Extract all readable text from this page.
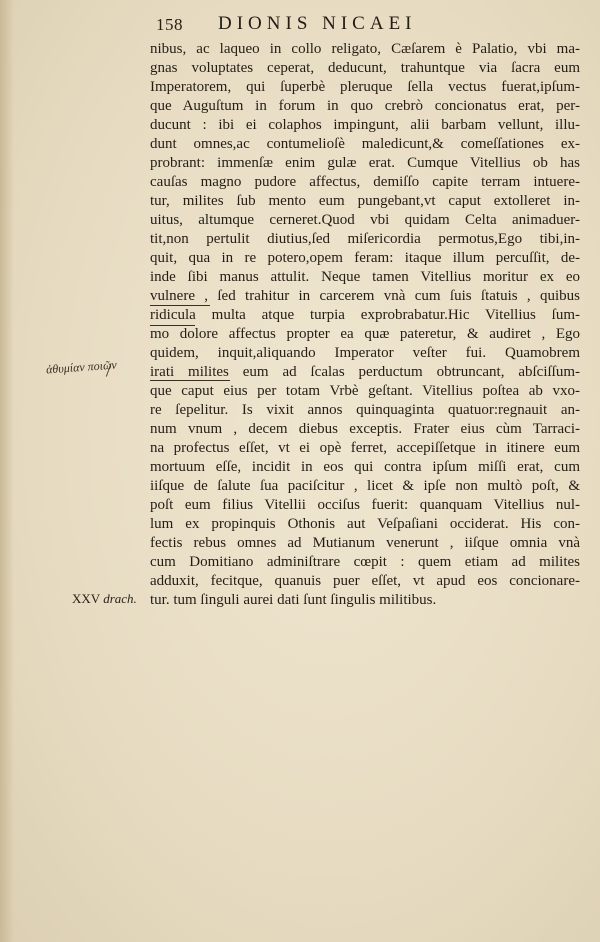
158 DIONIS NICAEI
nibus, ac laqueo in collo religato, Cæſarem è Palatio, vbi ma-
gnas voluptates ceperat, deducunt, trahuntque via ſacra eum
Imperatorem, qui ſuperbè pleruque ſella vectus fuerat,ipſum-
que Auguſtum in forum in quo crebrò concionatus erat, per-
ducunt : ibi ei colaphos impingunt, alii barbam vellunt, illu-
dunt omnes,ac contumelioſè maledicunt,& comeſſationes ex-
probrant: immenſæ enim gulæ erat. Cumque Vitellius ob has
cauſas magno pudore affectus, demiſſo capite terram intuere-
tur, milites ſub mento eum pungebant,vt caput extolleret in-
uitus, altumque cerneret.Quod vbi quidam Celta animaduer-
tit,non pertulit diutius,ſed miſericordia permotus,Ego tibi,in-
quit, qua in re potero,opem feram: itaque illum percuſſit, de-
inde ſibi manus attulit. Neque tamen Vitellius moritur ex eo
vulnere , ſed trahitur in carcerem vnà cum ſuis ſtatuis , quibus
ridicula multa atque turpia exprobrabatur.Hic Vitellius ſum-
mo dolore affectus propter ea quæ pateretur, & audiret , Ego
quidem, inquit,aliquando Imperator veſter fui. Quamobrem
irati milites eum ad ſcalas perductum obtruncant, abſciſſum-
que caput eius per totam Vrbè geſtant. Vitellius poſtea ab vxo-
re ſepelitur. Is vixit annos quinquaginta quatuor:regnauit an-
num vnum , decem diebus exceptis. Frater eius cùm Tarraci-
na profectus eſſet, vt ei opè ferret, accepiſſetque in itinere eum
mortuum eſſe, incidit in eos qui contra ipſum miſſi erat, cum
iiſque de ſalute ſua paciſcitur , licet & ipſe non multò poſt, &
poſt eum filius Vitellii occiſus fuerit: quanquam Vitellius nul-
lum ex propinquis Othonis aut Veſpaſiani occiderat. His con-
fectis rebus omnes ad Mutianum venerunt , iiſque omnia vnà
cum Domitiano adminiſtrare cœpit : quem etiam ad milites
adduxit, fecitque, quanuis puer eſſet, vt apud eos concionare-
tur. tum ſinguli aurei dati ſunt ſingulis militibus.
ἀθυμίαν ποιῶν
XXV drach.
